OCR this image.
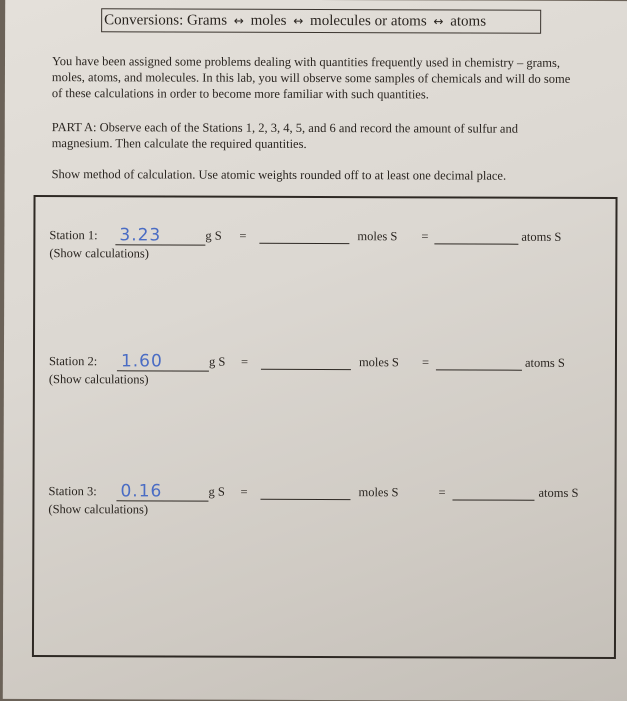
Conversions: Grams ↔ moles ↔ molecules or atoms ↔ atoms
You have been assigned some problems dealing with quantities frequently used in chemistry – grams, moles, atoms, and molecules. In this lab, you will observe some samples of chemicals and will do some of these calculations in order to become more familiar with such quantities.
PART A: Observe each of the Stations 1, 2, 3, 4, 5, and 6 and record the amount of sulfur and magnesium. Then calculate the required quantities.
Show method of calculation. Use atomic weights rounded off to at least one decimal place.
Station 1: 3.23	g S =	moles S =	atoms S
(Show calculations)
Station 2: 1.60	g S =	moles S =	atoms S
(Show calculations)
Station 3: 0.16	g S =	moles S	=	atoms S
(Show calculations)
